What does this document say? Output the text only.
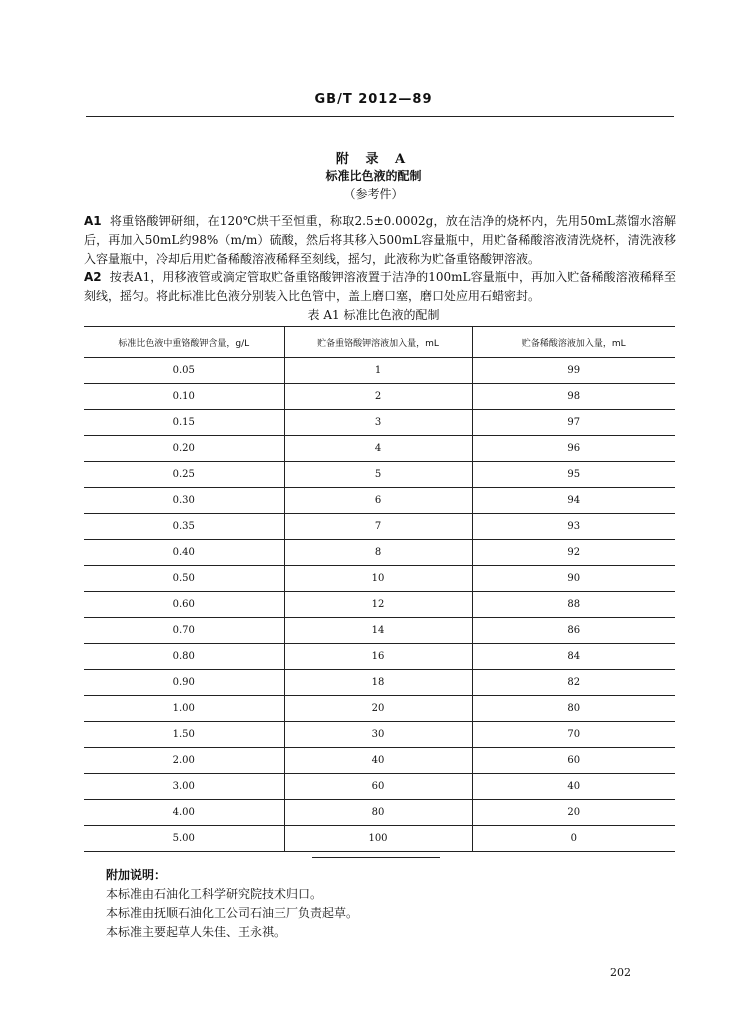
GB/T 2012—89
附 录 A
标准比色液的配制
（参考件）
A1 将重铬酸钾研细，在120℃烘干至恒重，称取2.5±0.0002g，放在洁净的烧杯内，先用50mL蒸馏水溶解后，再加入50mL约98%（m/m）硫酸，然后将其移入500mL容量瓶中，用贮备稀酸溶液清洗烧杯，清洗液移入容量瓶中，冷却后用贮备稀酸溶液稀释至刻线，摇匀，此液称为贮备重铬酸钾溶液。
A2 按表A1，用移液管或滴定管取贮备重铬酸钾溶液置于洁净的100mL容量瓶中，再加入贮备稀酸溶液稀释至刻线，摇匀。将此标准比色液分别装入比色管中，盖上磨口塞，磨口处应用石蜡密封。
表 A1 标准比色液的配制
标准比色液中重铬酸钾含量，g/L	贮备重铬酸钾溶液加入量，mL	贮备稀酸溶液加入量，mL
0.05	1	99
0.10	2	98
0.15	3	97
0.20	4	96
0.25	5	95
0.30	6	94
0.35	7	93
0.40	8	92
0.50	10	90
0.60	12	88
0.70	14	86
0.80	16	84
0.90	18	82
1.00	20	80
1.50	30	70
2.00	40	60
3.00	60	40
4.00	80	20
5.00	100	0
附加说明：
本标准由石油化工科学研究院技术归口。
本标准由抚顺石油化工公司石油三厂负责起草。
本标准主要起草人朱佳、王永祺。
202
